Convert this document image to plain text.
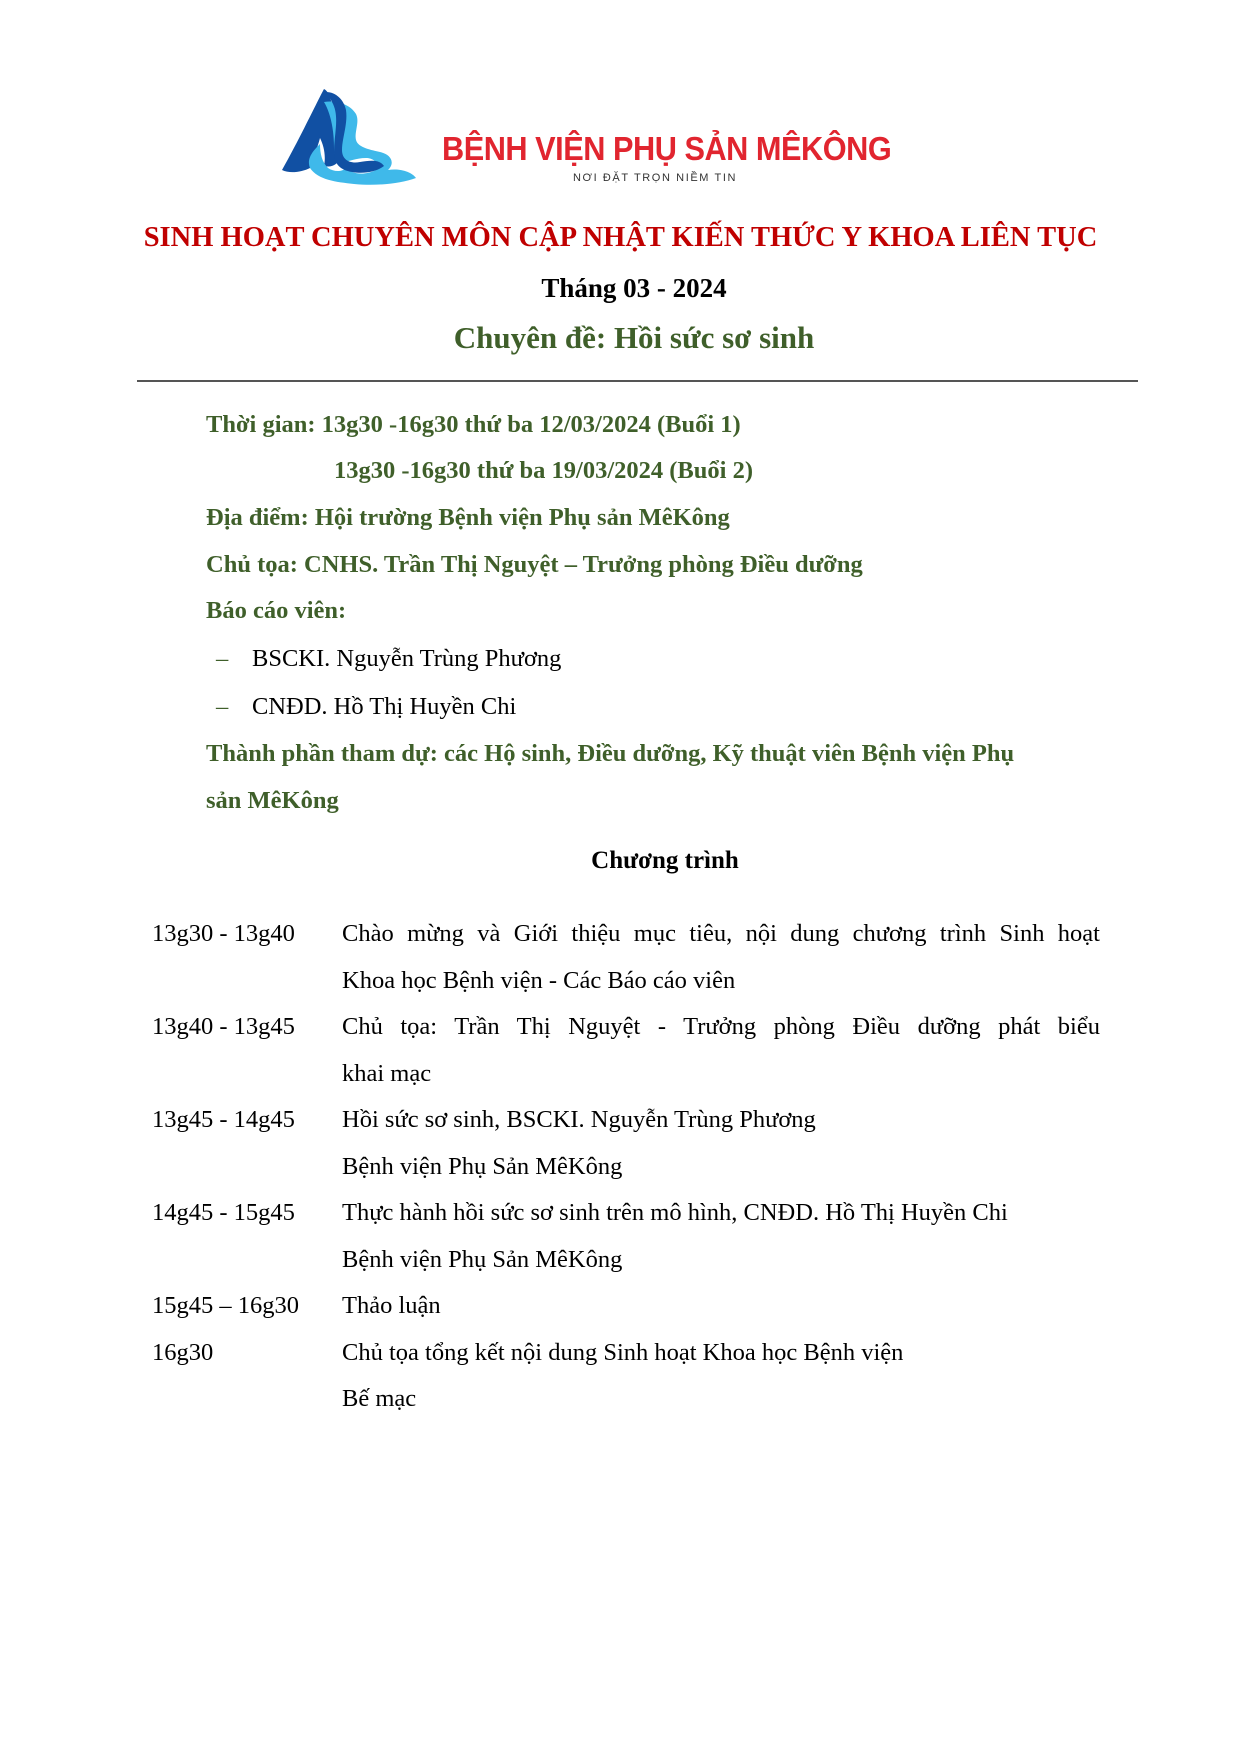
BỆNH VIỆN PHỤ SẢN MÊKÔNG
NƠI ĐẶT TRỌN NIỀM TIN
SINH HOẠT CHUYÊN MÔN CẬP NHẬT KIẾN THỨC Y KHOA LIÊN TỤC
Tháng 03 - 2024
Chuyên đề: Hồi sức sơ sinh
Thời gian: 13g30 -16g30 thứ ba 12/03/2024 (Buổi 1)
13g30 -16g30 thứ ba 19/03/2024 (Buổi 2)
Địa điểm: Hội trường Bệnh viện Phụ sản MêKông
Chủ tọa: CNHS. Trần Thị Nguyệt – Trưởng phòng Điều dưỡng
Báo cáo viên:
– BSCKI. Nguyễn Trùng Phương
– CNĐD. Hồ Thị Huyền Chi
Thành phần tham dự: các Hộ sinh, Điều dưỡng, Kỹ thuật viên Bệnh viện Phụ
sản MêKông
Chương trình
13g30 - 13g40 Chào mừng và Giới thiệu mục tiêu, nội dung chương trình Sinh hoạt
Khoa học Bệnh viện - Các Báo cáo viên
13g40 - 13g45 Chủ tọa: Trần Thị Nguyệt - Trưởng phòng Điều dưỡng phát biểu
khai mạc
13g45 - 14g45 Hồi sức sơ sinh, BSCKI. Nguyễn Trùng Phương
Bệnh viện Phụ Sản MêKông
14g45 - 15g45 Thực hành hồi sức sơ sinh trên mô hình, CNĐD. Hồ Thị Huyền Chi
Bệnh viện Phụ Sản MêKông
15g45 – 16g30 Thảo luận
16g30	Chủ tọa tổng kết nội dung Sinh hoạt Khoa học Bệnh viện
Bế mạc
